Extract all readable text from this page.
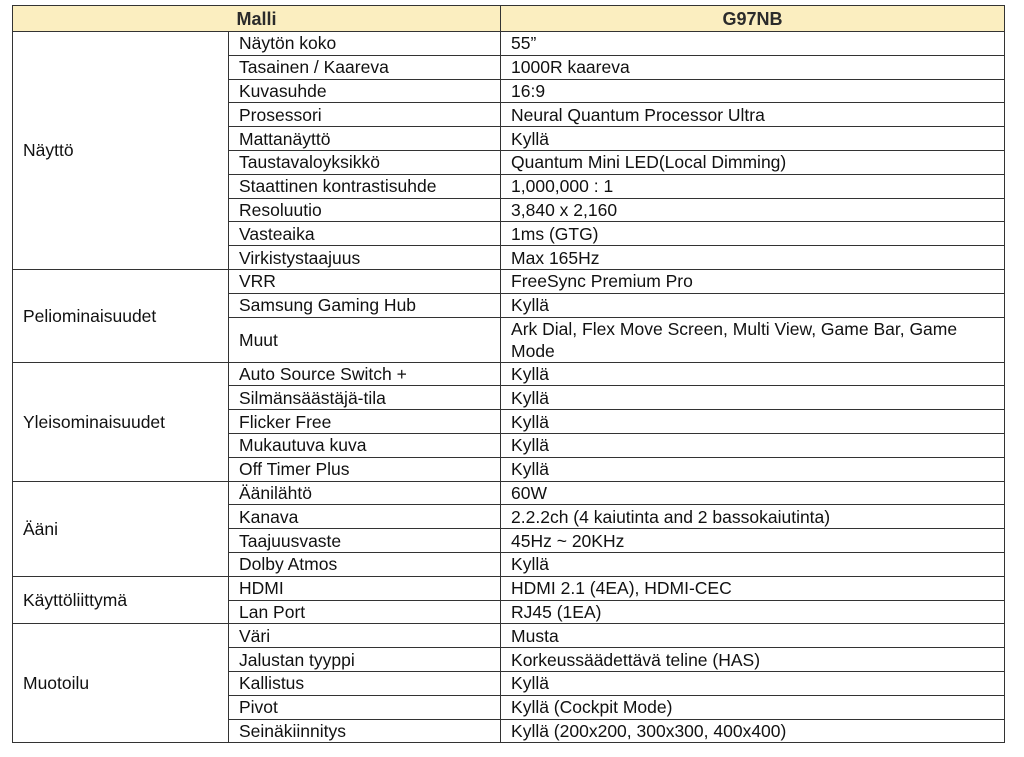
Malli		G97NB
Näyttö	Näytön koko	55”
	Tasainen / Kaareva	1000R kaareva
	Kuvasuhde	16:9
	Prosessori	Neural Quantum Processor Ultra
	Mattanäyttö	Kyllä
	Taustavaloyksikkö	Quantum Mini LED(Local Dimming)
	Staattinen kontrastisuhde	1,000,000 : 1
	Resoluutio	3,840 x 2,160
	Vasteaika	1ms (GTG)
	Virkistystaajuus	Max 165Hz
Peliominaisuudet	VRR	FreeSync Premium Pro
	Samsung Gaming Hub	Kyllä
	Muut	Ark Dial, Flex Move Screen, Multi View, Game Bar, Game Mode
Yleisominaisuudet	Auto Source Switch +	Kyllä
	Silmänsäästäjä-tila	Kyllä
	Flicker Free	Kyllä
	Mukautuva kuva	Kyllä
	Off Timer Plus	Kyllä
Ääni	Äänilähtö	60W
	Kanava	2.2.2ch (4 kaiutinta and 2 bassokaiutinta)
	Taajuusvaste	45Hz ~ 20KHz
	Dolby Atmos	Kyllä
Käyttöliittymä	HDMI	HDMI 2.1 (4EA), HDMI-CEC
	Lan Port	RJ45 (1EA)
Muotoilu	Väri	Musta
	Jalustan tyyppi	Korkeussäädettävä teline (HAS)
	Kallistus	Kyllä
	Pivot	Kyllä (Cockpit Mode)
	Seinäkiinnitys	Kyllä (200x200, 300x300, 400x400)
